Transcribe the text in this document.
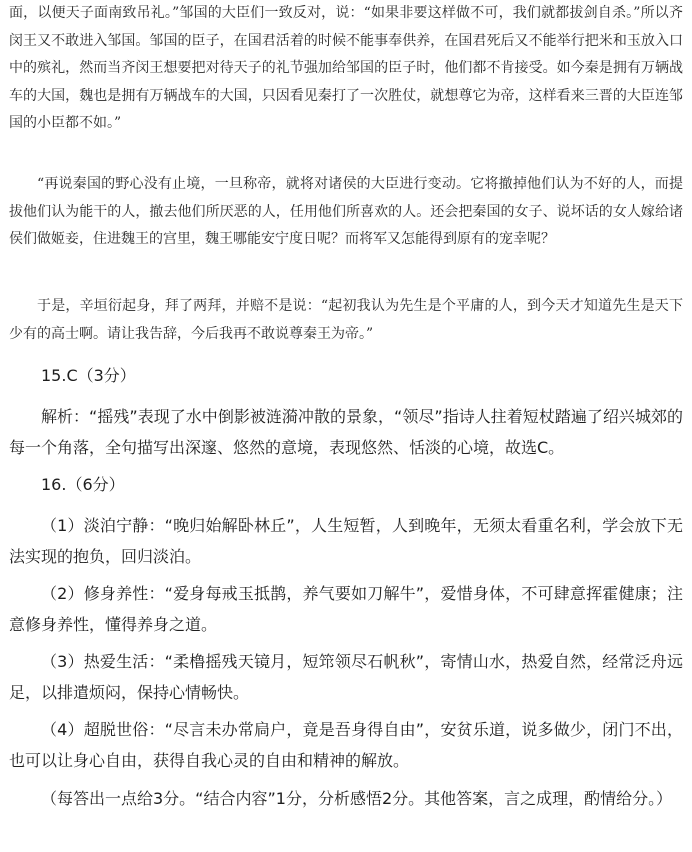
面，以便天子面南致吊礼。”邹国的大臣们一致反对，说：“如果非要这样做不可，我们就都拔剑自杀。”所以齐闵王又不敢进入邹国。邹国的臣子，在国君活着的时候不能事奉供养，在国君死后又不能举行把米和玉放入口中的殡礼，然而当齐闵王想要把对待天子的礼节强加给邹国的臣子时，他们都不肯接受。如今秦是拥有万辆战车的大国，魏也是拥有万辆战车的大国，只因看见秦打了一次胜仗，就想尊它为帝，这样看来三晋的大臣连邹国的小臣都不如。”

“再说秦国的野心没有止境，一旦称帝，就将对诸侯的大臣进行变动。它将撤掉他们认为不好的人，而提拔他们认为能干的人，撤去他们所厌恶的人，任用他们所喜欢的人。还会把秦国的女子、说坏话的女人嫁给诸侯们做姬妾，住进魏王的宫里，魏王哪能安宁度日呢？而将军又怎能得到原有的宠幸呢？

于是，辛垣衍起身，拜了两拜，并赔不是说：“起初我认为先生是个平庸的人，到今天才知道先生是天下少有的高士啊。请让我告辞，今后我再不敢说尊秦王为帝。”

15.C（3分）

解析：“摇残”表现了水中倒影被涟漪冲散的景象，“领尽”指诗人拄着短杖踏遍了绍兴城郊的每一个角落，全句描写出深邃、悠然的意境，表现悠然、恬淡的心境，故选C。

16.（6分）

（1）淡泊宁静：“晚归始解卧林丘”，人生短暂，人到晚年，无须太看重名利，学会放下无法实现的抱负，回归淡泊。

（2）修身养性：“爱身每戒玉抵鹊，养气要如刀解牛”，爱惜身体，不可肆意挥霍健康；注意修身养性，懂得养身之道。

（3）热爱生活：“柔橹摇残天镜月，短筇领尽石帆秋”，寄情山水，热爱自然，经常泛舟远足，以排遣烦闷，保持心情畅快。

（4）超脱世俗：“尽言未办常扃户，竟是吾身得自由”，安贫乐道，说多做少，闭门不出，也可以让身心自由，获得自我心灵的自由和精神的解放。

（每答出一点给3分。“结合内容”1分，分析感悟2分。其他答案，言之成理，酌情给分。）
